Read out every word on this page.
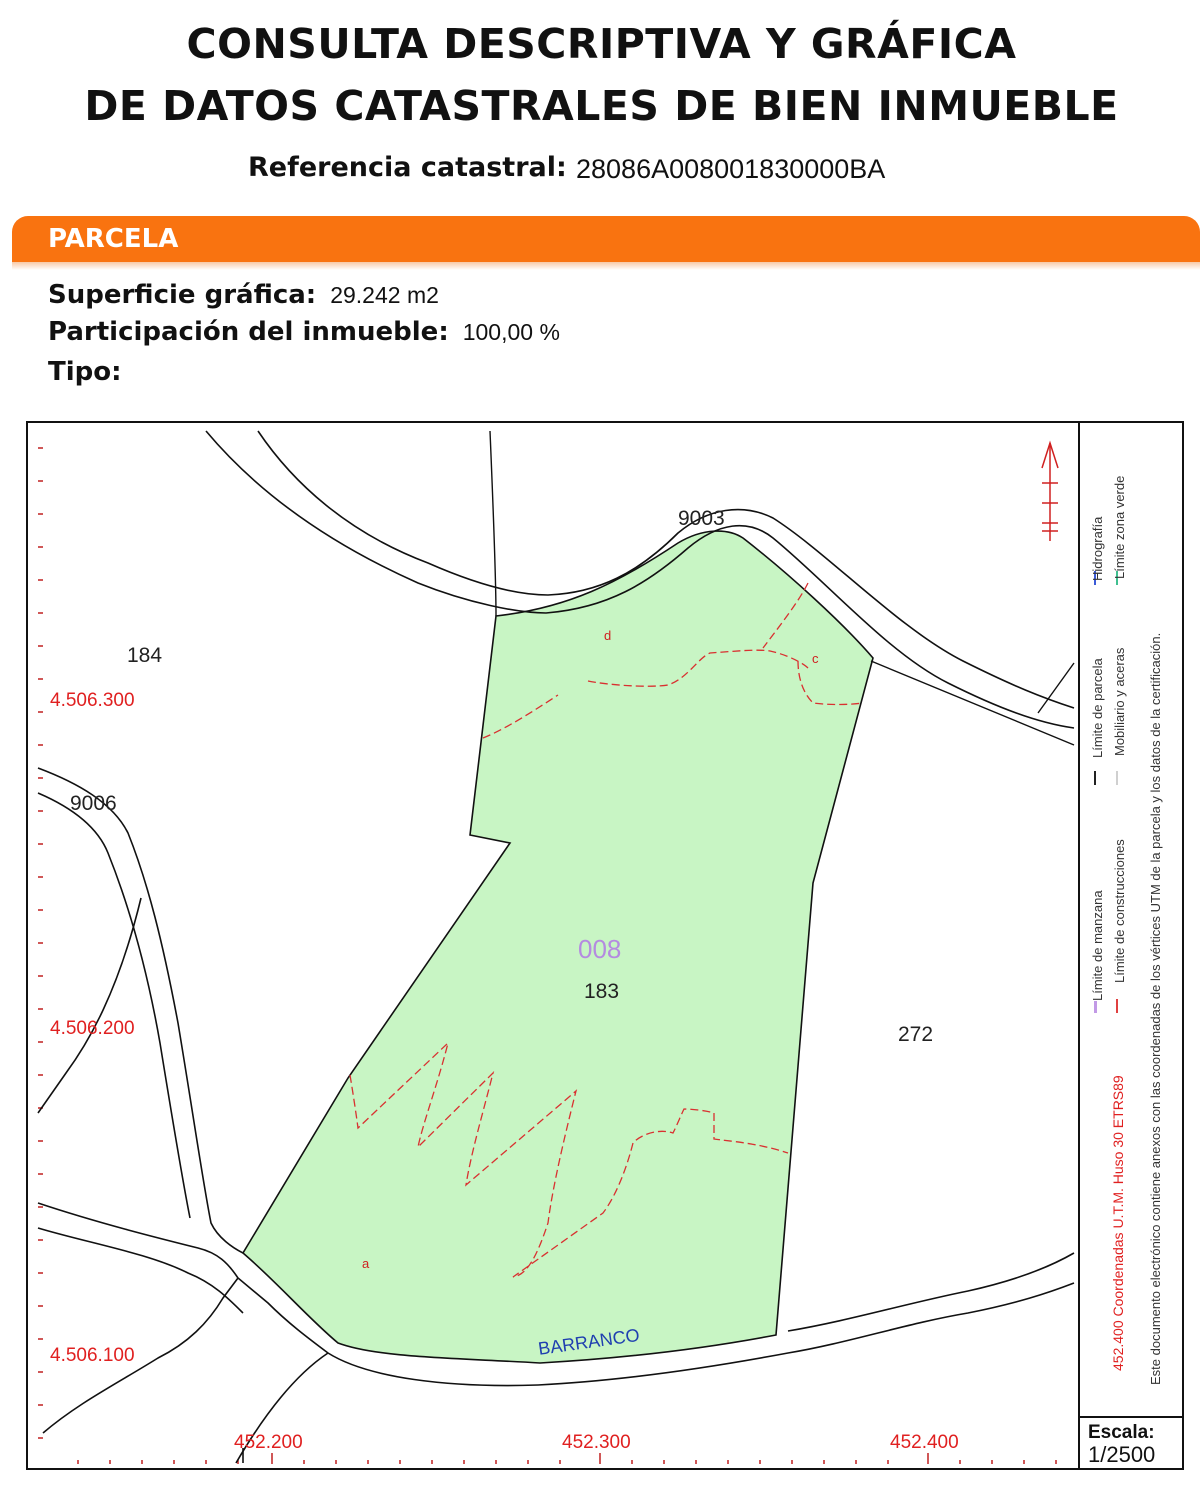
CONSULTA DESCRIPTIVA Y GRÁFICA
DE DATOS CATASTRALES DE BIEN INMUEBLE
Referencia catastral: 28086A008001830000BA
PARCELA
Superficie gráfica: 29.242 m2
Participación del inmueble: 100,00 %
Tipo:
4.506.300
4.506.200
4.506.100
452.200	452.300	452.400
184
272
183
9003
9006
008
BARRANCO
a
c
d
Límite de manzana
Límite de parcela
Hidrografía
Límite de construcciones
Mobiliario y aceras
Límite zona verde
452.400 Coordenadas U.T.M. Huso 30 ETRS89 Este documento electrónico contiene anexos con las coordenadas de los vértices UTM de la parcela y los datos de la certificación.
Escala:
1/2500
